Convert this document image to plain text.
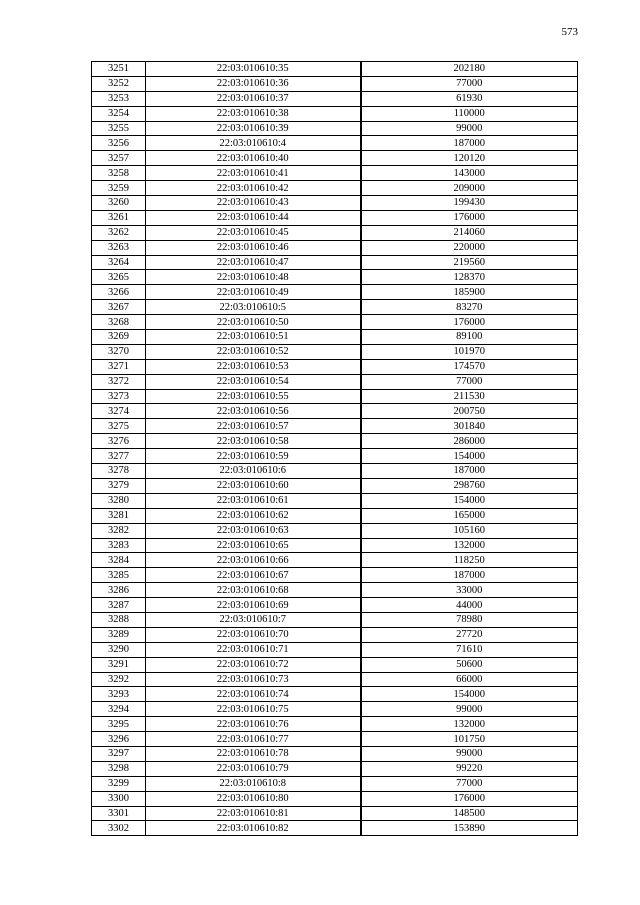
573
3251	22:03:010610:35	202180
3252	22:03:010610:36	77000
3253	22:03:010610:37	61930
3254	22:03:010610:38	110000
3255	22:03:010610:39	99000
3256	22:03:010610:4	187000
3257	22:03:010610:40	120120
3258	22:03:010610:41	143000
3259	22:03:010610:42	209000
3260	22:03:010610:43	199430
3261	22:03:010610:44	176000
3262	22:03:010610:45	214060
3263	22:03:010610:46	220000
3264	22:03:010610:47	219560
3265	22:03:010610:48	128370
3266	22:03:010610:49	185900
3267	22:03:010610:5	83270
3268	22:03:010610:50	176000
3269	22:03:010610:51	89100
3270	22:03:010610:52	101970
3271	22:03:010610:53	174570
3272	22:03:010610:54	77000
3273	22:03:010610:55	211530
3274	22:03:010610:56	200750
3275	22:03:010610:57	301840
3276	22:03:010610:58	286000
3277	22:03:010610:59	154000
3278	22:03:010610:6	187000
3279	22:03:010610:60	298760
3280	22:03:010610:61	154000
3281	22:03:010610:62	165000
3282	22:03:010610:63	105160
3283	22:03:010610:65	132000
3284	22:03:010610:66	118250
3285	22:03:010610:67	187000
3286	22:03:010610:68	33000
3287	22:03:010610:69	44000
3288	22:03:010610:7	78980
3289	22:03:010610:70	27720
3290	22:03:010610:71	71610
3291	22:03:010610:72	50600
3292	22:03:010610:73	66000
3293	22:03:010610:74	154000
3294	22:03:010610:75	99000
3295	22:03:010610:76	132000
3296	22:03:010610:77	101750
3297	22:03:010610:78	99000
3298	22:03:010610:79	99220
3299	22:03:010610:8	77000
3300	22:03:010610:80	176000
3301	22:03:010610:81	148500
3302	22:03:010610:82	153890
